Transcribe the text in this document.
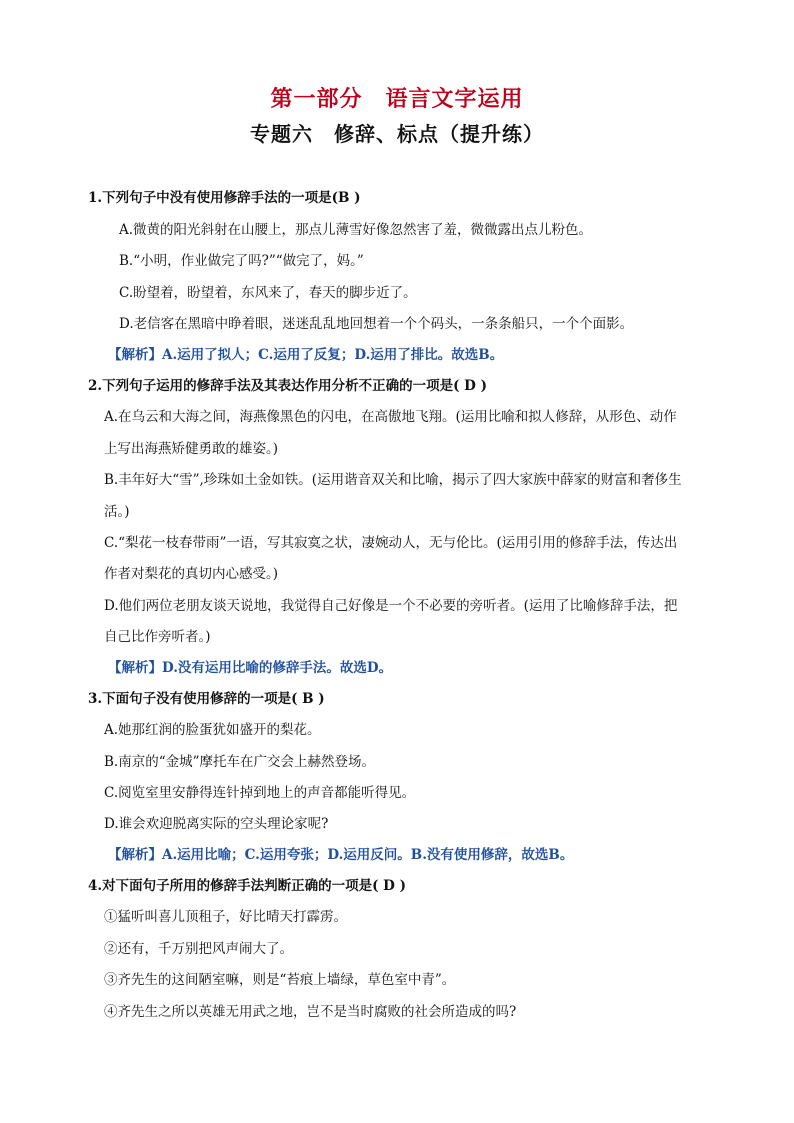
第一部分　语言文字运用
专题六　修辞、标点（提升练）
1.下列句子中没有使用修辞手法的一项是(B )
A.微黄的阳光斜射在山腰上，那点儿薄雪好像忽然害了羞，微微露出点儿粉色。
B.“小明，作业做完了吗?”“做完了，妈。”
C.盼望着，盼望着，东风来了，春天的脚步近了。
D.老信客在黑暗中睁着眼，迷迷乱乱地回想着一个个码头，一条条船只，一个个面影。
【解析】A.运用了拟人；C.运用了反复；D.运用了排比。故选B。
2.下列句子运用的修辞手法及其表达作用分析不正确的一项是( D )
A.在乌云和大海之间，海燕像黑色的闪电，在高傲地飞翔。(运用比喻和拟人修辞，从形色、动作
上写出海燕矫健勇敢的雄姿。)
B.丰年好大“雪”,珍珠如土金如铁。(运用谐音双关和比喻，揭示了四大家族中薛家的财富和奢侈生
活。)
C.“梨花一枝春带雨”一语，写其寂寞之状，凄婉动人，无与伦比。(运用引用的修辞手法，传达出
作者对梨花的真切内心感受。)
D.他们两位老朋友谈天说地，我觉得自己好像是一个不必要的旁听者。(运用了比喻修辞手法，把
自己比作旁听者。)
【解析】D.没有运用比喻的修辞手法。故选D。
3.下面句子没有使用修辞的一项是( B )
A.她那红润的脸蛋犹如盛开的梨花。
B.南京的“金城”摩托车在广交会上赫然登场。
C.阅览室里安静得连针掉到地上的声音都能听得见。
D.谁会欢迎脱离实际的空头理论家呢?
【解析】A.运用比喻；C.运用夸张；D.运用反问。B.没有使用修辞，故选B。
4.对下面句子所用的修辞手法判断正确的一项是( D )
①猛听叫喜儿顶租子，好比晴天打霹雳。
②还有，千万别把风声闹大了。
③齐先生的这间陋室嘛，则是“苔痕上墙绿，草色室中青”。
④齐先生之所以英雄无用武之地，岂不是当时腐败的社会所造成的吗?
